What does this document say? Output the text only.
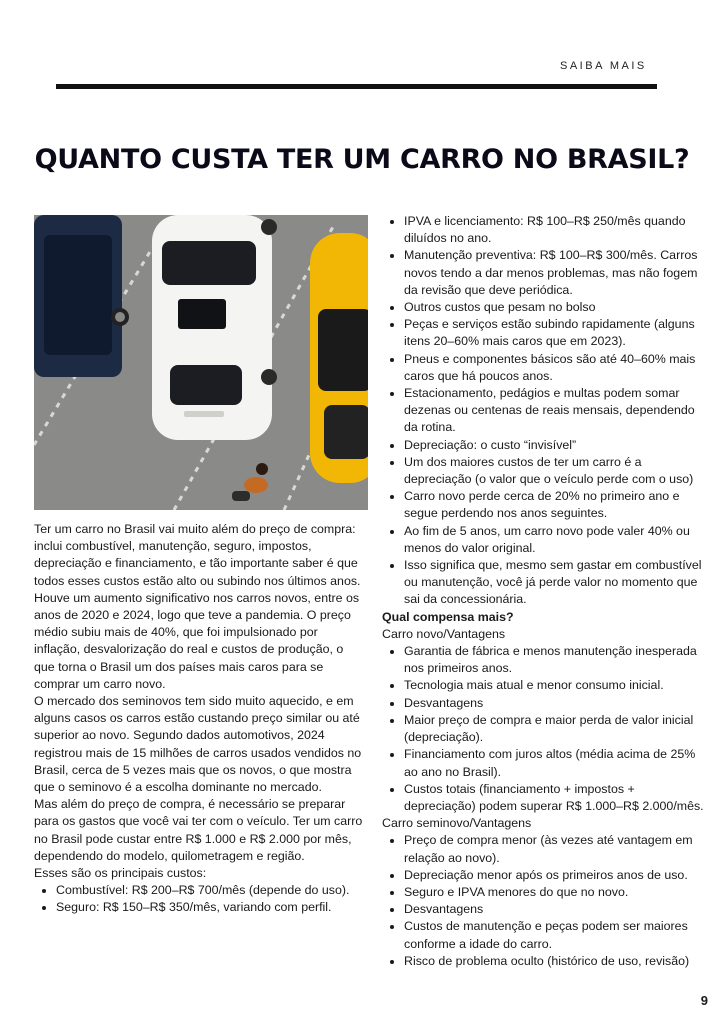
SAIBA MAIS
QUANTO CUSTA TER UM CARRO NO BRASIL?

Ter um carro no Brasil vai muito além do preço de compra: inclui combustível, manutenção, seguro, impostos, depreciação e financiamento, e tão importante saber é que todos esses custos estão alto ou subindo nos últimos anos.

Houve um aumento significativo nos carros novos, entre os anos de 2020 e 2024, logo que teve a pandemia. O preço médio subiu mais de 40%, que foi impulsionado por inflação, desvalorização do real e custos de produção, o que torna o Brasil um dos países mais caros para se comprar um carro novo.

O mercado dos seminovos tem sido muito aquecido, e em alguns casos os carros estão custando preço similar ou até superior ao novo. Segundo dados automotivos, 2024 registrou mais de 15 milhões de carros usados vendidos no Brasil, cerca de 5 vezes mais que os novos, o que mostra que o seminovo é a escolha dominante no mercado.

Mas além do preço de compra, é necessário se preparar para os gastos que você vai ter com o veículo. Ter um carro no Brasil pode custar entre R$ 1.000 e R$ 2.000 por mês, dependendo do modelo, quilometragem e região.

Esses são os principais custos:

• Combustível: R$ 200–R$ 700/mês (depende do uso).
• Seguro: R$ 150–R$ 350/mês, variando com perfil.
• IPVA e licenciamento: R$ 100–R$ 250/mês quando diluídos no ano.
• Manutenção preventiva: R$ 100–R$ 300/mês. Carros novos tendo a dar menos problemas, mas não fogem da revisão que deve periódica.
• Outros custos que pesam no bolso
• Peças e serviços estão subindo rapidamente (alguns itens 20–60% mais caros que em 2023).
• Pneus e componentes básicos são até 40–60% mais caros que há poucos anos.
• Estacionamento, pedágios e multas podem somar dezenas ou centenas de reais mensais, dependendo da rotina.
• Depreciação: o custo “invisível”
• Um dos maiores custos de ter um carro é a depreciação (o valor que o veículo perde com o uso)
• Carro novo perde cerca de 20% no primeiro ano e segue perdendo nos anos seguintes.
• Ao fim de 5 anos, um carro novo pode valer 40% ou menos do valor original.
• Isso significa que, mesmo sem gastar em combustível ou manutenção, você já perde valor no momento que sai da concessionária.

Qual compensa mais?

Carro novo/Vantagens

• Garantia de fábrica e menos manutenção inesperada nos primeiros anos.
• Tecnologia mais atual e menor consumo inicial.
• Desvantagens
• Maior preço de compra e maior perda de valor inicial (depreciação).
• Financiamento com juros altos (média acima de 25% ao ano no Brasil).
• Custos totais (financiamento + impostos + depreciação) podem superar R$ 1.000–R$ 2.000/mês.

Carro seminovo/Vantagens

• Preço de compra menor (às vezes até vantagem em relação ao novo).
• Depreciação menor após os primeiros anos de uso.
• Seguro e IPVA menores do que no novo.
• Desvantagens
• Custos de manutenção e peças podem ser maiores conforme a idade do carro.
• Risco de problema oculto (histórico de uso, revisão)
9
